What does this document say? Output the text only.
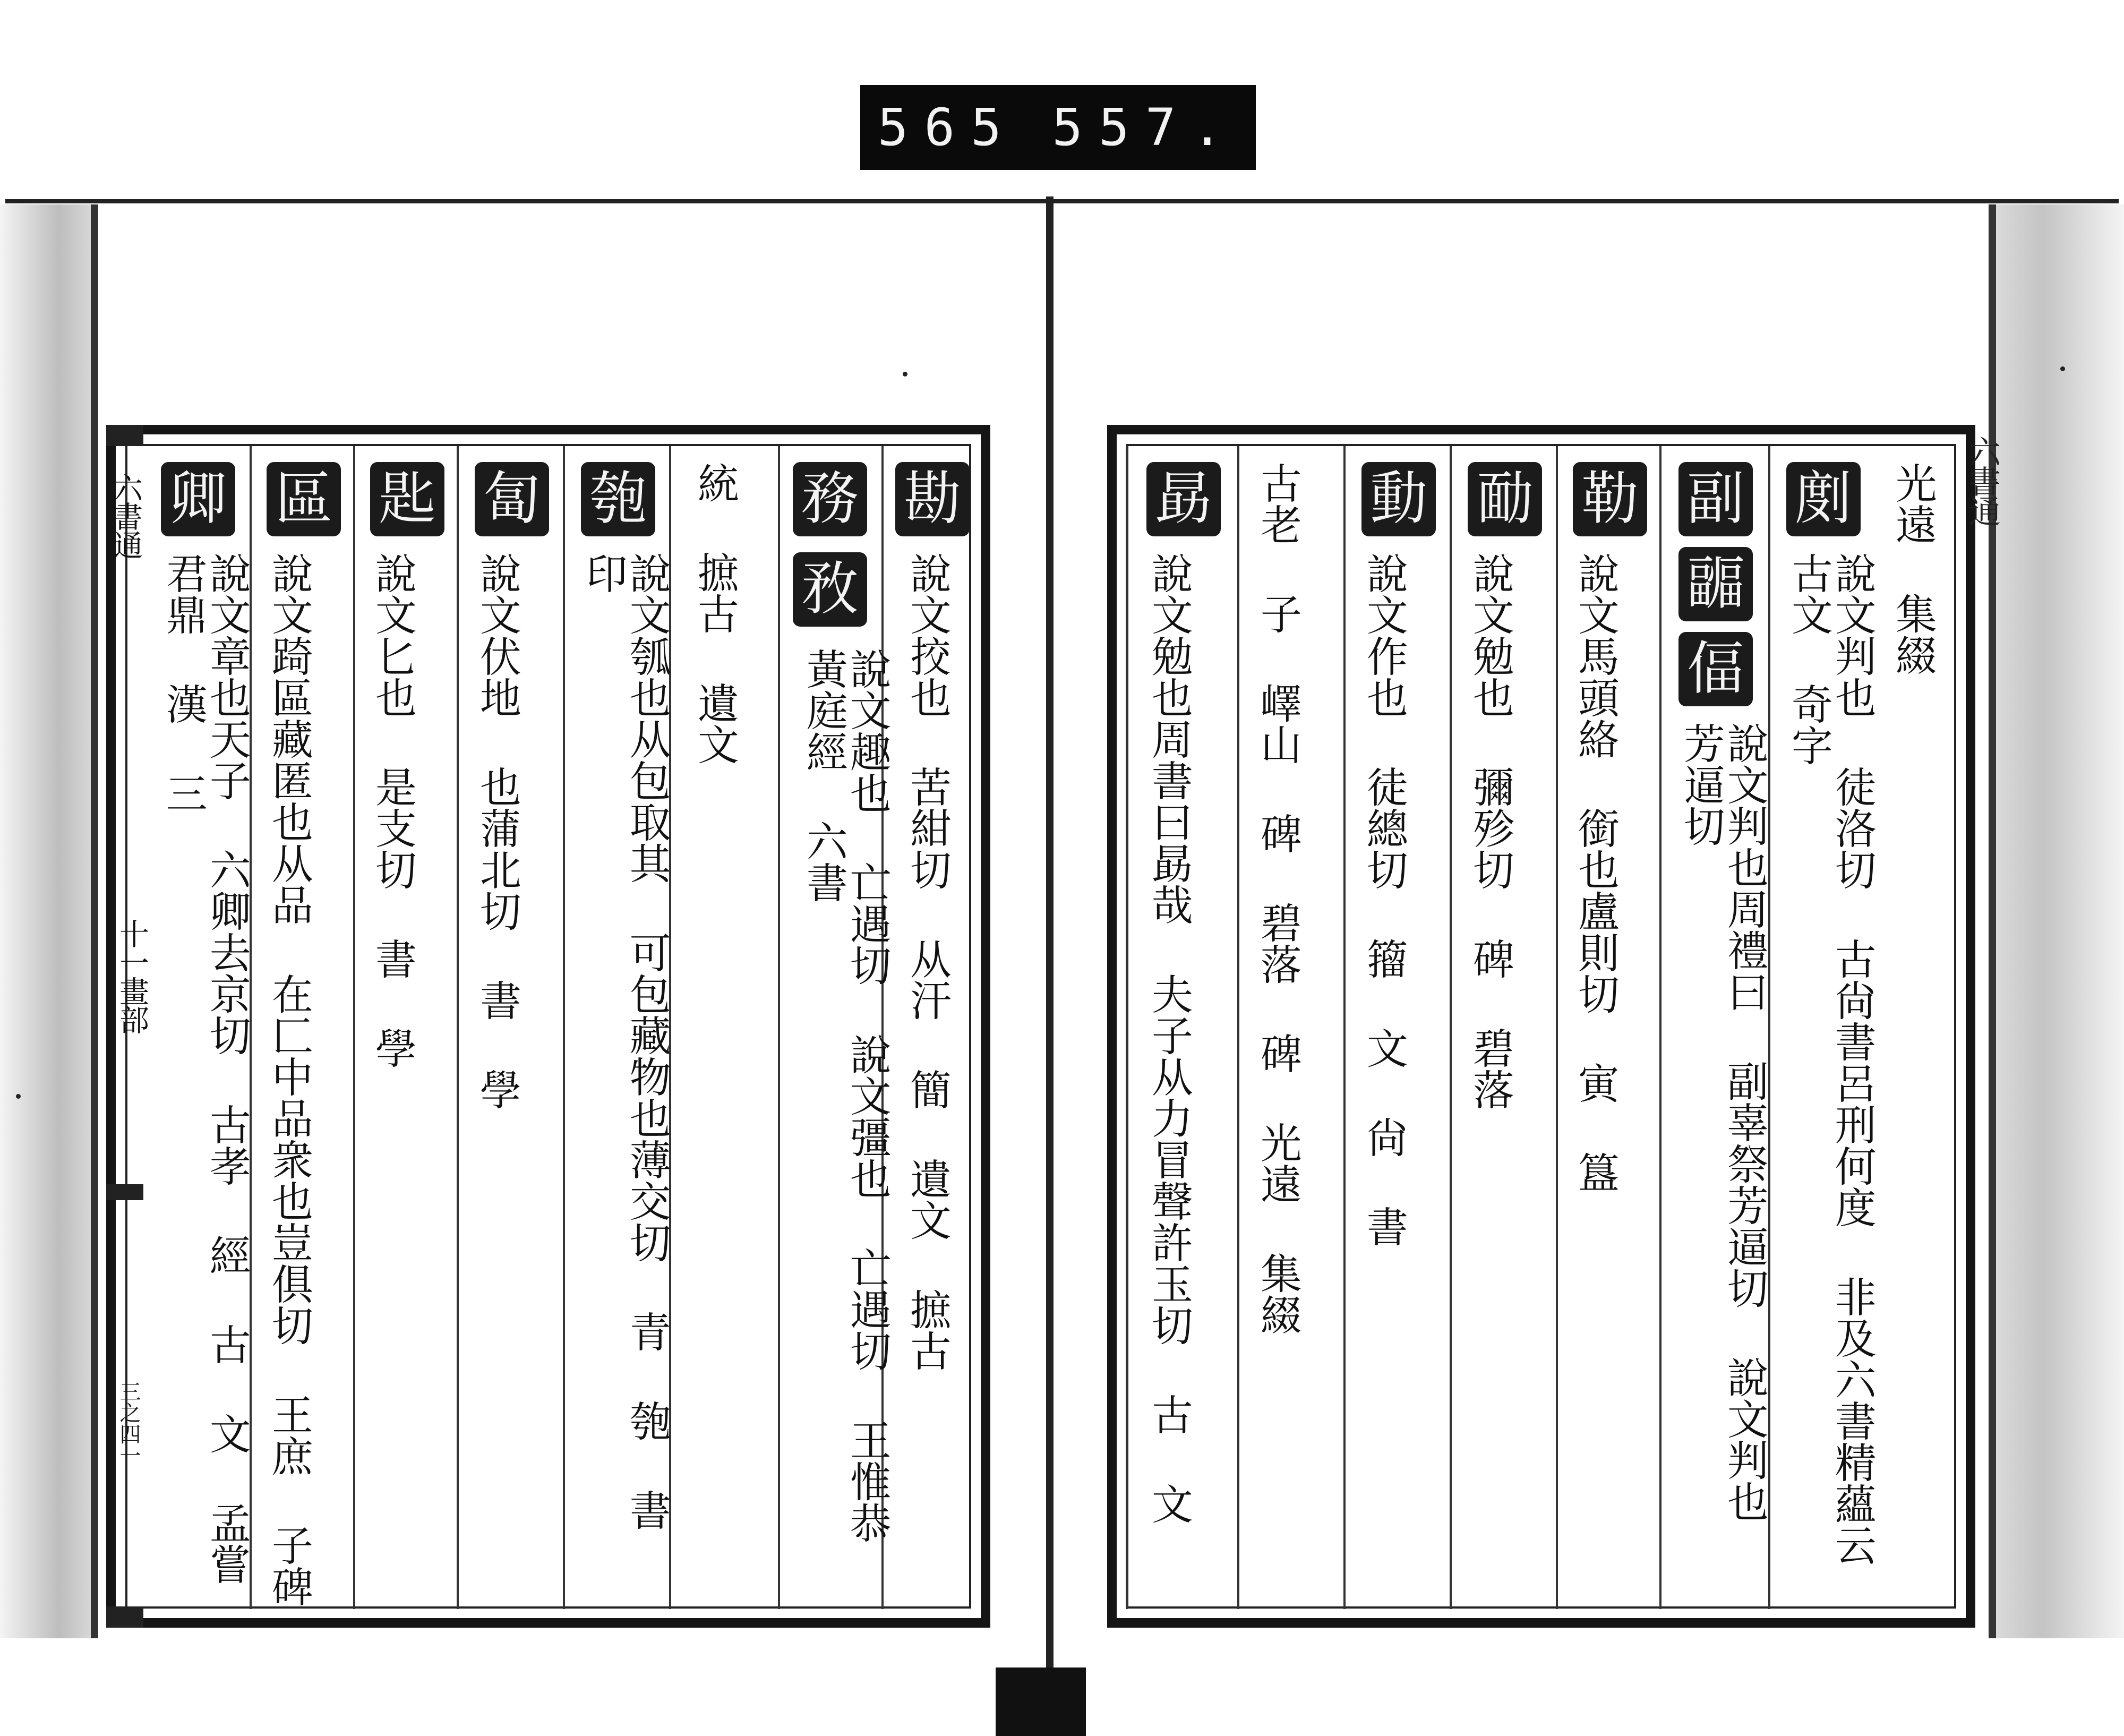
565 557.
六書通
十一畫部
三之四一
勘
說文挍也 苦紺切 从汗 簡 遺文 摭古
務
敄
說文趣也 亡遇切 說文彊也 亡遇切 王惟恭 黃庭經 六書
統 摭古 遺文
匏
說文瓠也从包取其 可包藏物也薄交切 青 匏 書 印
匐
說文伏地 也蒲北切 書 學
匙
說文匕也 是支切 書 學
區
說文踦區藏匿也从品 在匚中品衆也豈俱切 王庶 子碑
卿
說文章也天子 六卿去京切 古孝 經 古 文 孟嘗 君鼎 漢 三
六書通
光遠 集綴
剫
說文判也 徒洛切 古尙書呂刑何度 非及六書精蘊云 古文 奇字
副
疈
偪
說文判也周禮曰 副辜祭芳逼切 說文判也 芳逼切
勒
說文馬頭絡 銜也盧則切 寅 簋
勔
說文勉也 彌殄切 碑 碧落
動
說文作也 徒總切 籀 文 尙 書
古老 子 嶧山 碑 碧落 碑 光遠 集綴
勗
說文勉也周書曰勗哉 夫子从力冒聲許玉切 古 文
